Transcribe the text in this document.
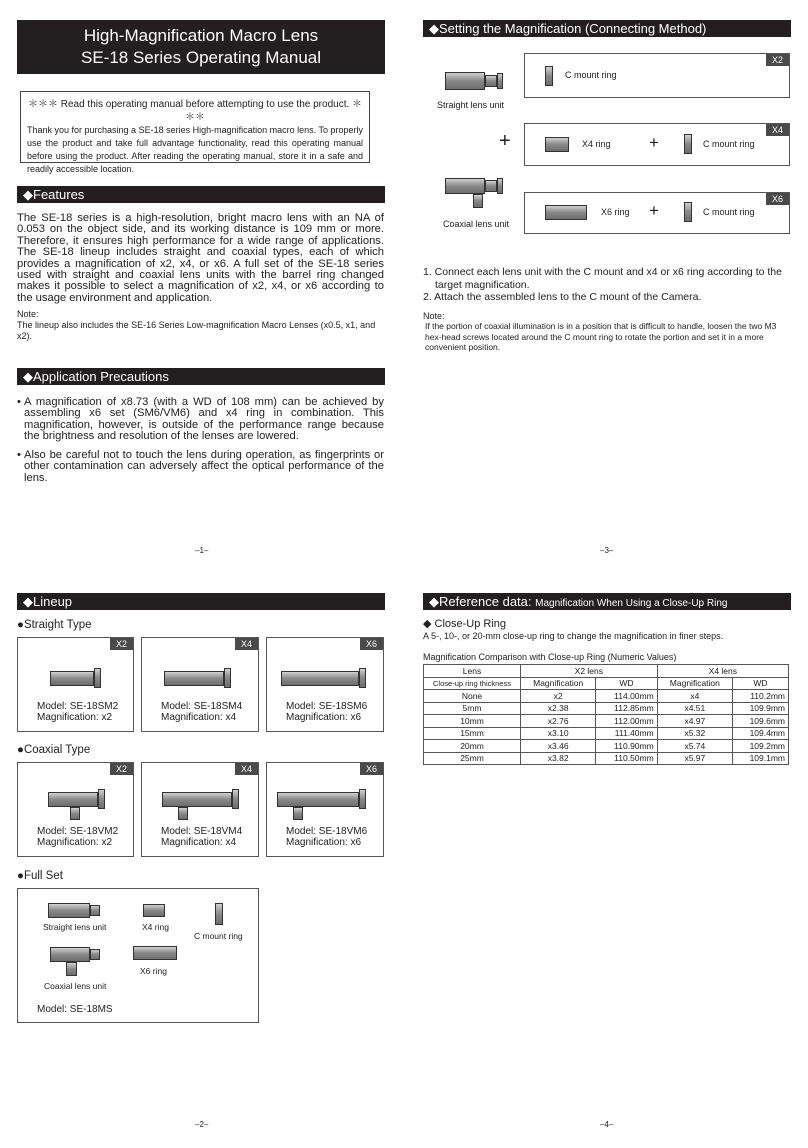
High-Magnification Macro Lens
SE-18 Series Operating Manual
＊＊＊ Read this operating manual before attempting to use the product. ＊＊＊
Thank you for purchasing a SE-18 series High-magnification macro lens. To properly use the product and take full advantage functionality, read this operating manual before using the product. After reading the operating manual, store it in a safe and readily accessible location.
◆Features
The SE-18 series is a high-resolution, bright macro lens with an NA of 0.053 on the object side, and its working distance is 109 mm or more. Therefore, it ensures high performance for a wide range of applications. The SE-18 lineup includes straight and coaxial types, each of which provides a magnification of x2, x4, or x6. A full set of the SE-18 series used with straight and coaxial lens units with the barrel ring changed makes it possible to select a magnification of x2, x4, or x6 according to the usage environment and application.
Note:
The lineup also includes the SE-16 Series Low-magnification Macro Lenses (x0.5, x1, and x2).
◆Application Precautions
• A magnification of x8.73 (with a WD of 108 mm) can be achieved by assembling x6 set (SM6/VM6) and x4 ring in combination. This magnification, however, is outside of the performance range because the brightness and resolution of the lenses are lowered.
• Also be careful not to touch the lens during operation, as fingerprints or other contamination can adversely affect the optical performance of the lens.
–1–
◆Setting the Magnification (Connecting Method)
Straight lens unit
Coaxial lens unit
X2
C mount ring
+	X4
X4 ring +	C mount ring
X6
X6 ring +	C mount ring
1. Connect each lens unit with the C mount and x4 or x6 ring according to the target magnification.
2. Attach the assembled lens to the C mount of the Camera.
Note:
If the portion of coaxial illumination is in a position that is difficult to handle, loosen the two M3 hex-head screws located around the C mount ring to rotate the portion and set it in a more convenient position.
–3–
◆Lineup
●Straight Type
X2
Model: SE-18SM2
Magnification: x2
X4
Model: SE-18SM4
Magnification: x4
X6
Model: SE-18SM6
Magnification: x6
●Coaxial Type
X2
Model: SE-18VM2
Magnification: x2
X4
Model: SE-18VM4
Magnification: x4
X6
Model: SE-18VM6
Magnification: x6
●Full Set
Straight lens unit	X4 ring
C mount ring
Coaxial lens unit
X6 ring
Model: SE-18MS
–2–
◆Reference data: Magnification When Using a Close-Up Ring
◆ Close-Up Ring
A 5-, 10-, or 20-mm close-up ring to change the magnification in finer steps.
Magnification Comparison with Close-up Ring (Numeric Values)
Lens	X2 lens		X4 lens	
Close-up ring thickness	Magnification	WD	Magnification	WD
None	x2	114.00mm	x4	110.2mm
5mm	x2.38	112.85mm	x4.51	109.9mm
10mm	x2.76	112.00mm	x4.97	109.6mm
15mm	x3.10	111.40mm	x5.32	109.4mm
20mm	x3.46	110.90mm	x5.74	109.2mm
25mm	x3.82	110.50mm	x5.97	109.1mm
–4–
